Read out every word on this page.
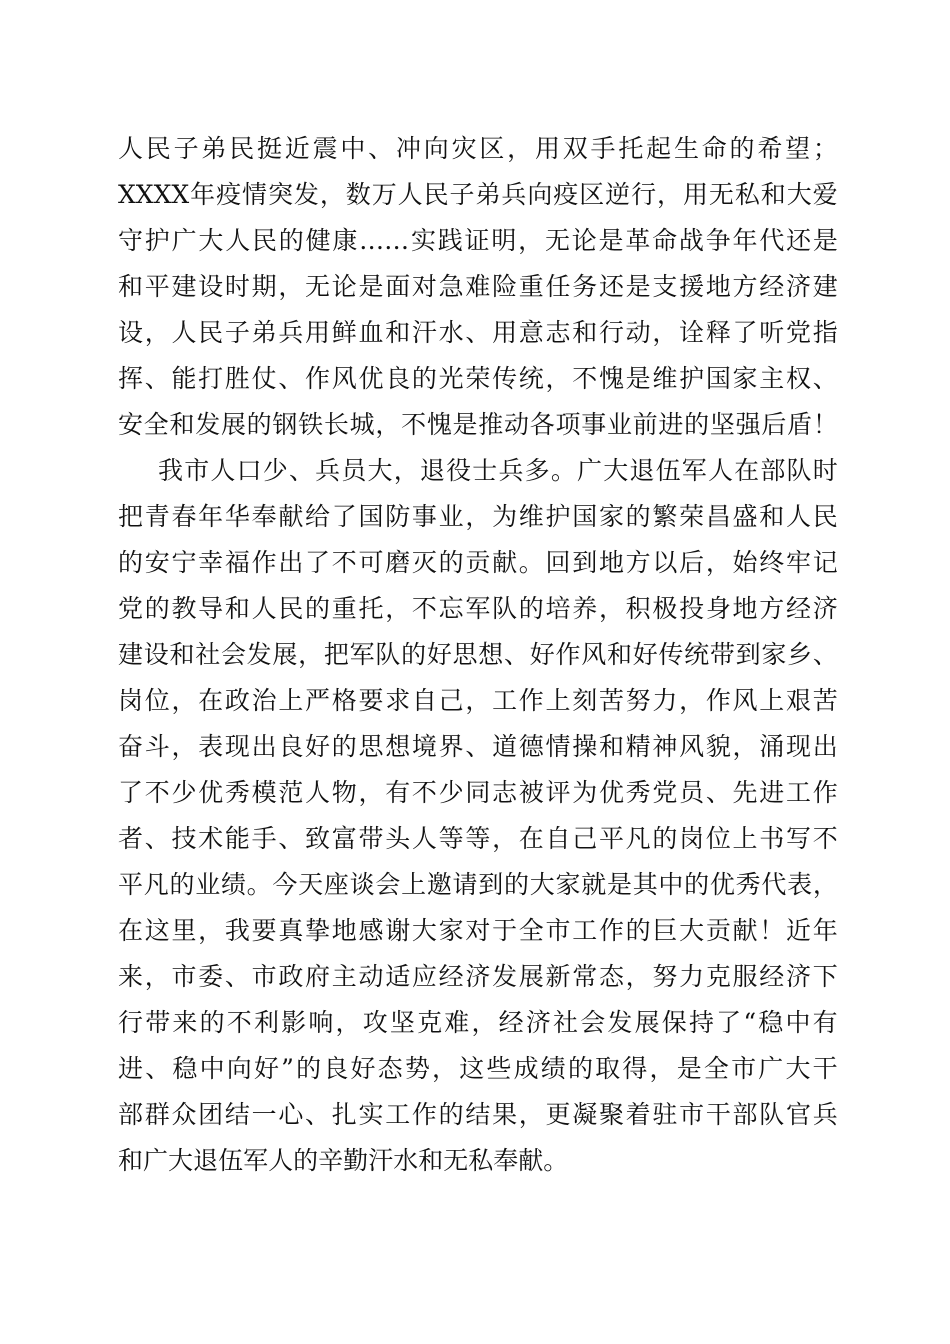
人 民 子 弟 民 挺 近 震 中 、 冲 向 灾 区 ， 用 双 手 托 起 生 命 的 希 望 ；
XXXX 年 疫 情 突 发 ， 数 万 人 民 子 弟 兵 向 疫 区 逆 行 ， 用 无 私 和 大 爱
守 护 广 大 人 民 的 健 康 …… 实 践 证 明 ， 无 论 是 革 命 战 争 年 代 还 是
和 平 建 设 时 期 ， 无 论 是 面 对 急 难 险 重 任 务 还 是 支 援 地 方 经 济 建
设 ， 人 民 子 弟 兵 用 鲜 血 和 汗 水 、 用 意 志 和 行 动 ， 诠 释 了 听 党 指
挥 、 能 打 胜 仗 、 作 风 优 良 的 光 荣 传 统 ， 不 愧 是 维 护 国 家 主 权 、
安 全 和 发 展 的 钢 铁 长 城 ， 不 愧 是 推 动 各 项 事 业 前 进 的 坚 强 后 盾 ！
我 市 人 口 少 、 兵 员 大 ， 退 役 士 兵 多 。 广 大 退 伍 军 人 在 部 队 时
把 青 春 年 华 奉 献 给 了 国 防 事 业 ， 为 维 护 国 家 的 繁 荣 昌 盛 和 人 民
的 安 宁 幸 福 作 出 了 不 可 磨 灭 的 贡 献 。 回 到 地 方 以 后 ， 始 终 牢 记
党 的 教 导 和 人 民 的 重 托 ， 不 忘 军 队 的 培 养 ， 积 极 投 身 地 方 经 济
建 设 和 社 会 发 展 ， 把 军 队 的 好 思 想 、 好 作 风 和 好 传 统 带 到 家 乡 、
岗 位 ， 在 政 治 上 严 格 要 求 自 己 ， 工 作 上 刻 苦 努 力 ， 作 风 上 艰 苦
奋 斗 ， 表 现 出 良 好 的 思 想 境 界 、 道 德 情 操 和 精 神 风 貌 ， 涌 现 出
了 不 少 优 秀 模 范 人 物 ， 有 不 少 同 志 被 评 为 优 秀 党 员 、 先 进 工 作
者 、 技 术 能 手 、 致 富 带 头 人 等 等 ， 在 自 己 平 凡 的 岗 位 上 书 写 不
平 凡 的 业 绩 。 今 天 座 谈 会 上 邀 请 到 的 大 家 就 是 其 中 的 优 秀 代 表 ，
在 这 里 ， 我 要 真 挚 地 感 谢 大 家 对 于 全 市 工 作 的 巨 大 贡 献 ！ 近 年
来 ， 市 委 、 市 政 府 主 动 适 应 经 济 发 展 新 常 态 ， 努 力 克 服 经 济 下
行 带 来 的 不 利 影 响 ， 攻 坚 克 难 ， 经 济 社 会 发 展 保 持 了 “ 稳 中 有
进 、 稳 中 向 好 ” 的 良 好 态 势 ， 这 些 成 绩 的 取 得 ， 是 全 市 广 大 干
部 群 众 团 结 一 心 、 扎 实 工 作 的 结 果 ， 更 凝 聚 着 驻 市 干 部 队 官 兵
和 广 大 退 伍 军 人 的 辛 勤 汗 水 和 无 私 奉 献 。
